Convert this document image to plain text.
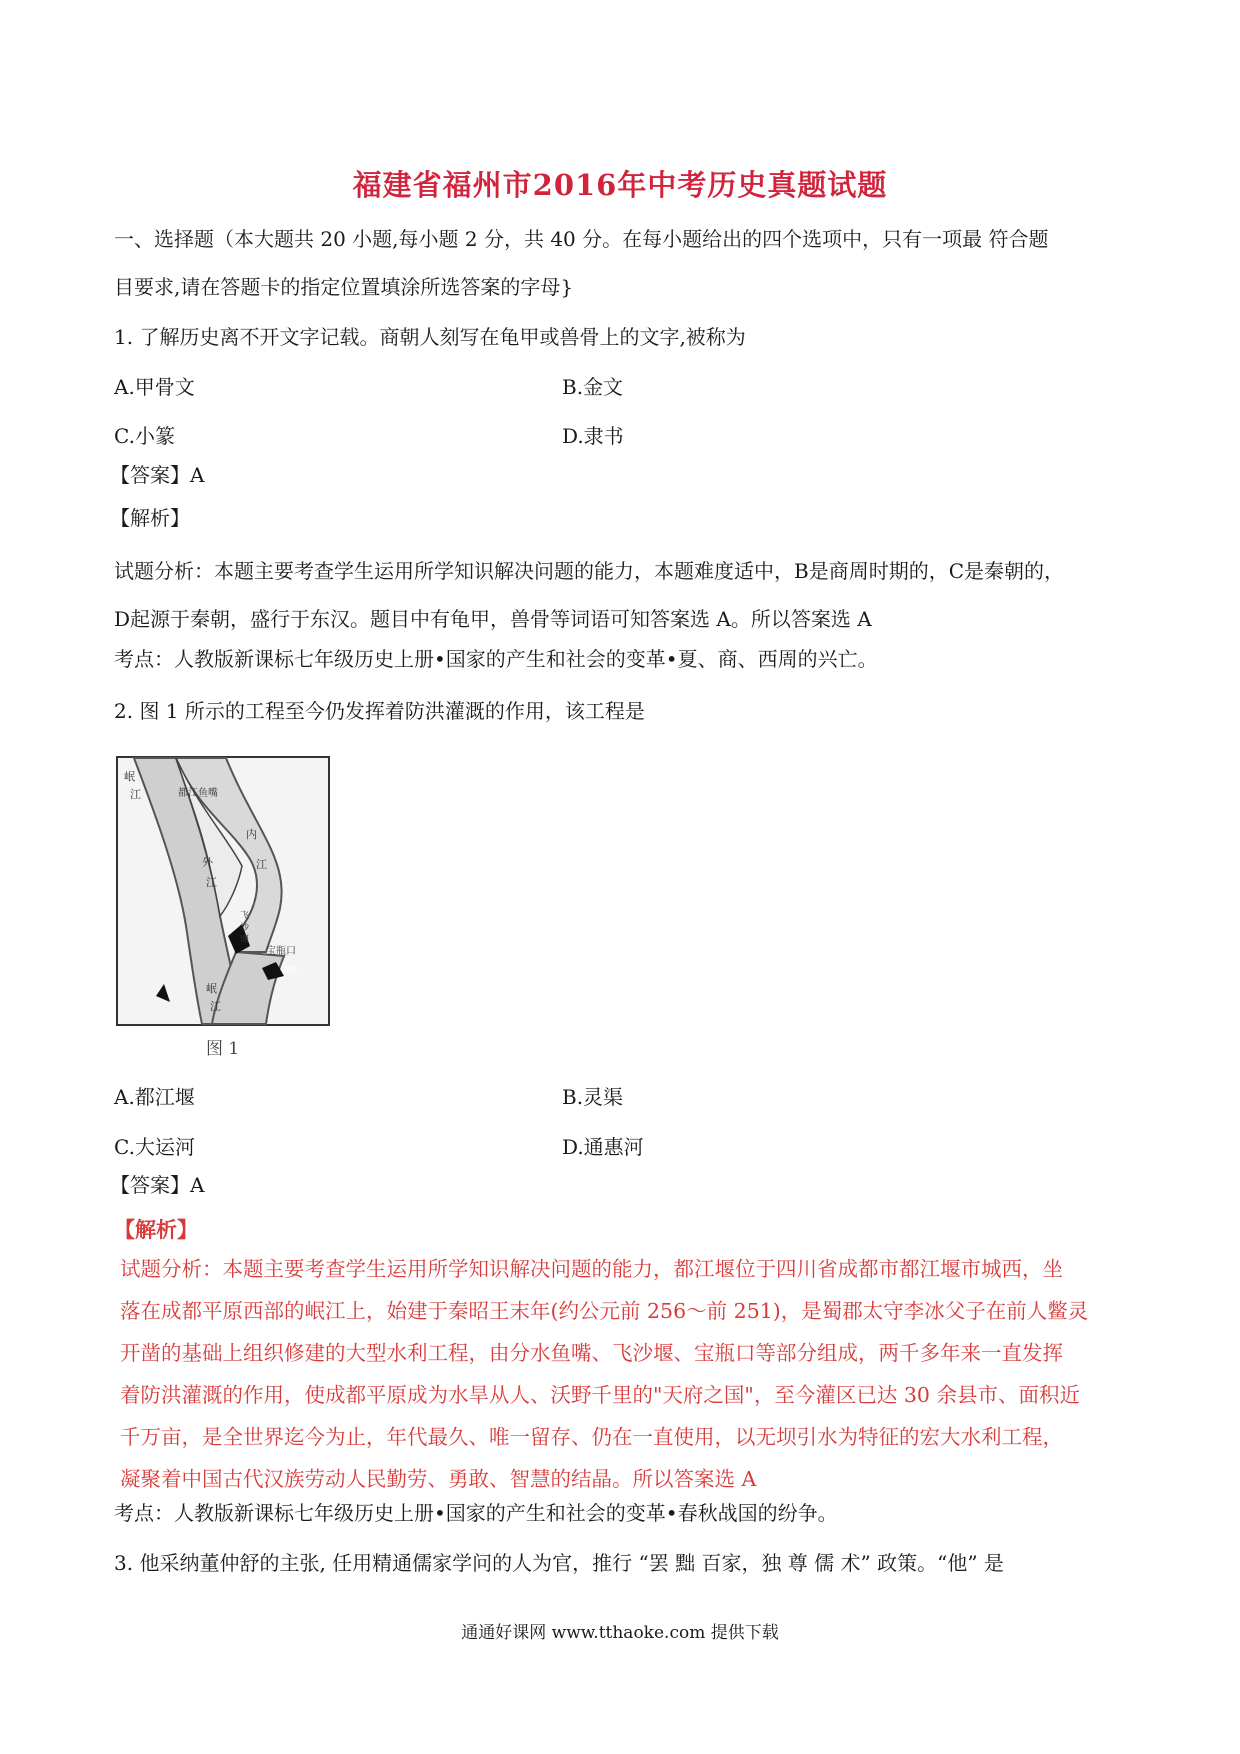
福建省福州市2016年中考历史真题试题
一、选择题（本大题共 20 小题,每小题 2 分，共 40 分。在每小题给出的四个选项中，只有一项最 符合题
目要求,请在答题卡的指定位置填涂所选答案的字母}
1. 了解历史离不开文字记载。商朝人刻写在龟甲或兽骨上的文字,被称为
A.甲骨文	B.金文
C.小篆	D.隶书
【答案】A
【解析】
试题分析：本题主要考查学生运用所学知识解决问题的能力，本题难度适中，B是商周时期的，C是秦朝的，
D起源于秦朝，盛行于东汉。题目中有龟甲，兽骨等词语可知答案选 A。所以答案选 A
考点：人教版新课标七年级历史上册•国家的产生和社会的变革•夏、商、西周的兴亡。
2. 图 1 所示的工程至今仍发挥着防洪灌溉的作用，该工程是
岷
江	都江鱼嘴
内
江
外
江
飞
沙
堰
宝瓶口
离堆
岷
江
图 1
A.都江堰	B.灵渠
C.大运河	D.通惠河
【答案】A
【解析】
试题分析：本题主要考查学生运用所学知识解决问题的能力，都江堰位于四川省成都市都江堰市城西，坐
落在成都平原西部的岷江上，始建于秦昭王末年(约公元前 256～前 251)，是蜀郡太守李冰父子在前人鳖灵
开凿的基础上组织修建的大型水利工程，由分水鱼嘴、飞沙堰、宝瓶口等部分组成，两千多年来一直发挥
着防洪灌溉的作用，使成都平原成为水旱从人、沃野千里的"天府之国"，至今灌区已达 30 余县市、面积近
千万亩，是全世界迄今为止，年代最久、唯一留存、仍在一直使用，以无坝引水为特征的宏大水利工程，
凝聚着中国古代汉族劳动人民勤劳、勇敢、智慧的结晶。所以答案选 A
考点：人教版新课标七年级历史上册•国家的产生和社会的变革•春秋战国的纷争。
3. 他采纳董仲舒的主张, 任用精通儒家学问的人为官，推行 “罢 黜 百家，独 尊 儒 术” 政策。“他” 是
通通好课网 www.tthaoke.com 提供下载
